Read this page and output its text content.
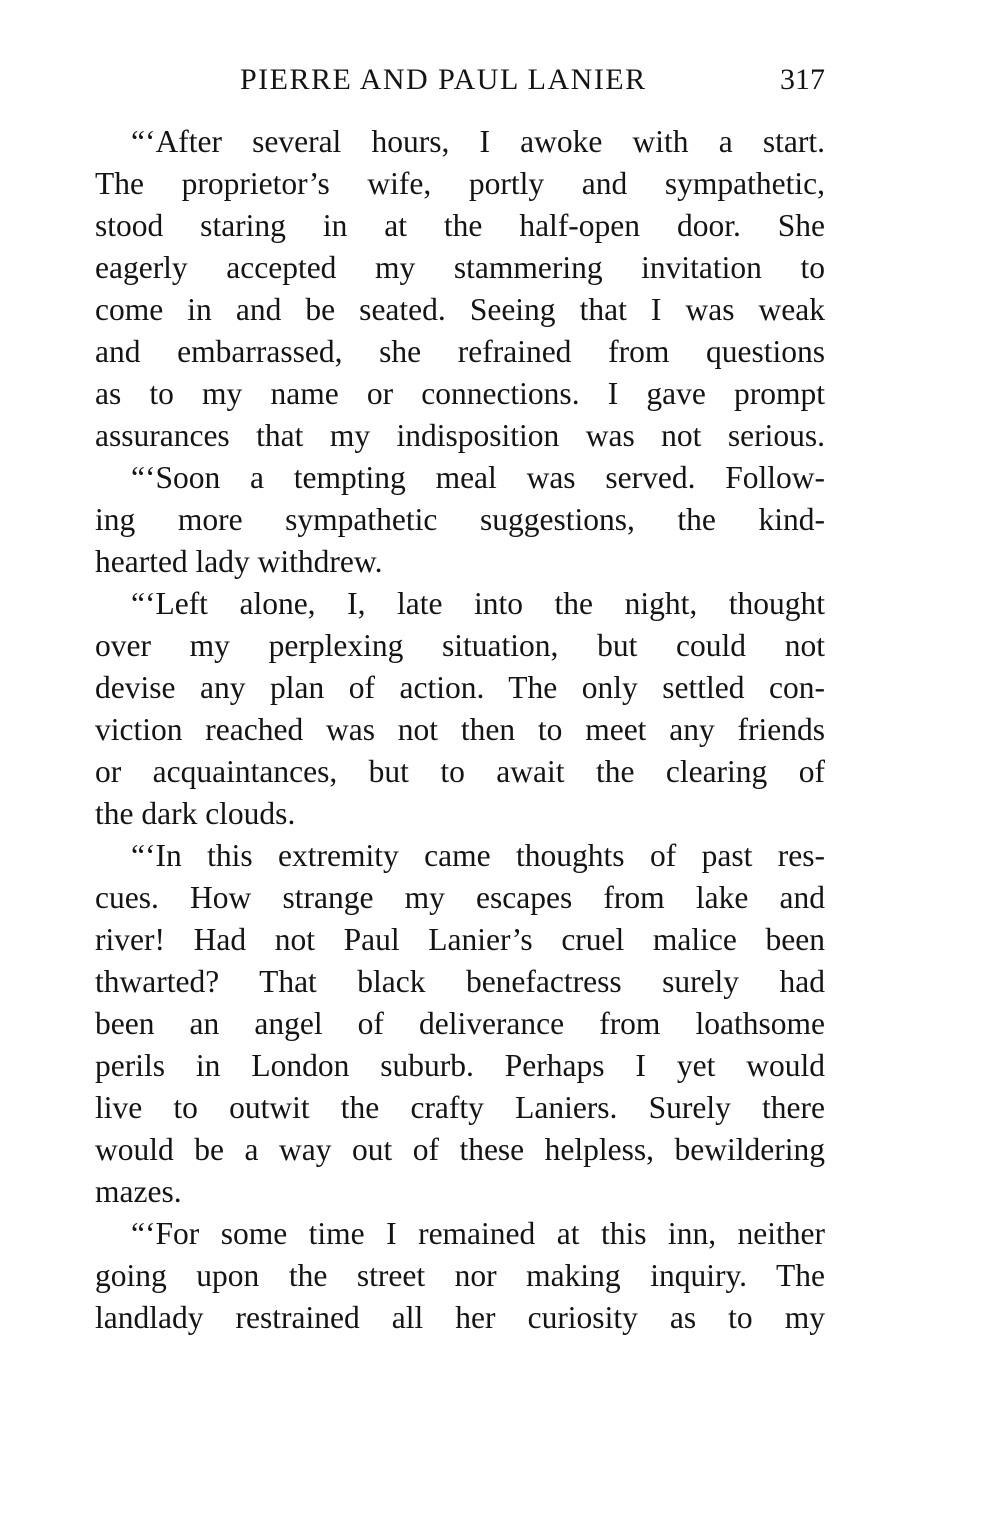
PIERRE AND PAUL LANIER	317
“‘After several hours, I awoke with a start.
The proprietor’s wife, portly and sympathetic,
stood staring in at the half-open door. She
eagerly accepted my stammering invitation to
come in and be seated. Seeing that I was weak
and embarrassed, she refrained from questions
as to my name or connections. I gave prompt
assurances that my indisposition was not serious.
“‘Soon a tempting meal was served. Follow-
ing more sympathetic suggestions, the kind-
hearted lady withdrew.
“‘Left alone, I, late into the night, thought
over my perplexing situation, but could not
devise any plan of action. The only settled con-
viction reached was not then to meet any friends
or acquaintances, but to await the clearing of
the dark clouds.
“‘In this extremity came thoughts of past res-
cues. How strange my escapes from lake and
river! Had not Paul Lanier’s cruel malice been
thwarted? That black benefactress surely had
been an angel of deliverance from loathsome
perils in London suburb. Perhaps I yet would
live to outwit the crafty Laniers. Surely there
would be a way out of these helpless, bewildering
mazes.
“‘For some time I remained at this inn, neither
going upon the street nor making inquiry. The
landlady restrained all her curiosity as to my
